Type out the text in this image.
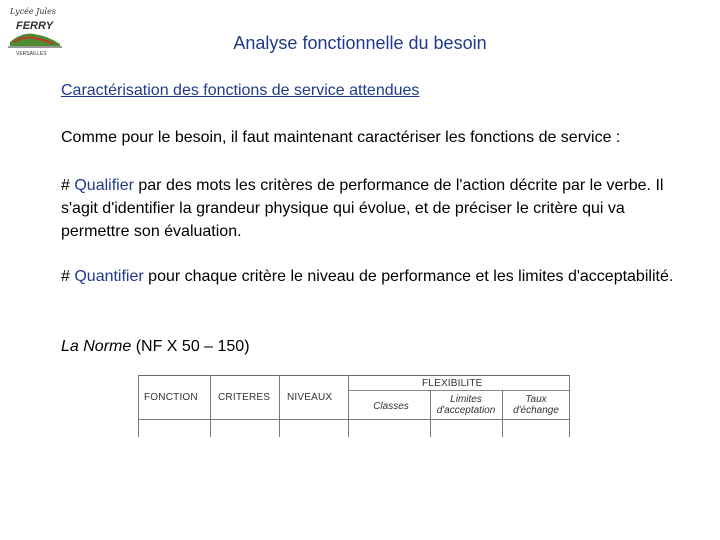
Lycée Jules
FERRY
VERSAILLES
Analyse fonctionnelle du besoin
Caractérisation des fonctions de service attendues
Comme pour le besoin, il faut maintenant caractériser les fonctions de service :
# Qualifier par des mots les critères de performance de l'action décrite par le verbe. Il s'agit d'identifier la grandeur physique qui évolue, et de préciser le critère qui va permettre son évaluation.
# Quantifier pour chaque critère le niveau de performance et les limites d'acceptabilité.
La Norme (NF X 50 – 150)
FONCTION CRITERES NIVEAUX
FLEXIBILITE
Classes
Limites d'acceptation
Taux d'échange
